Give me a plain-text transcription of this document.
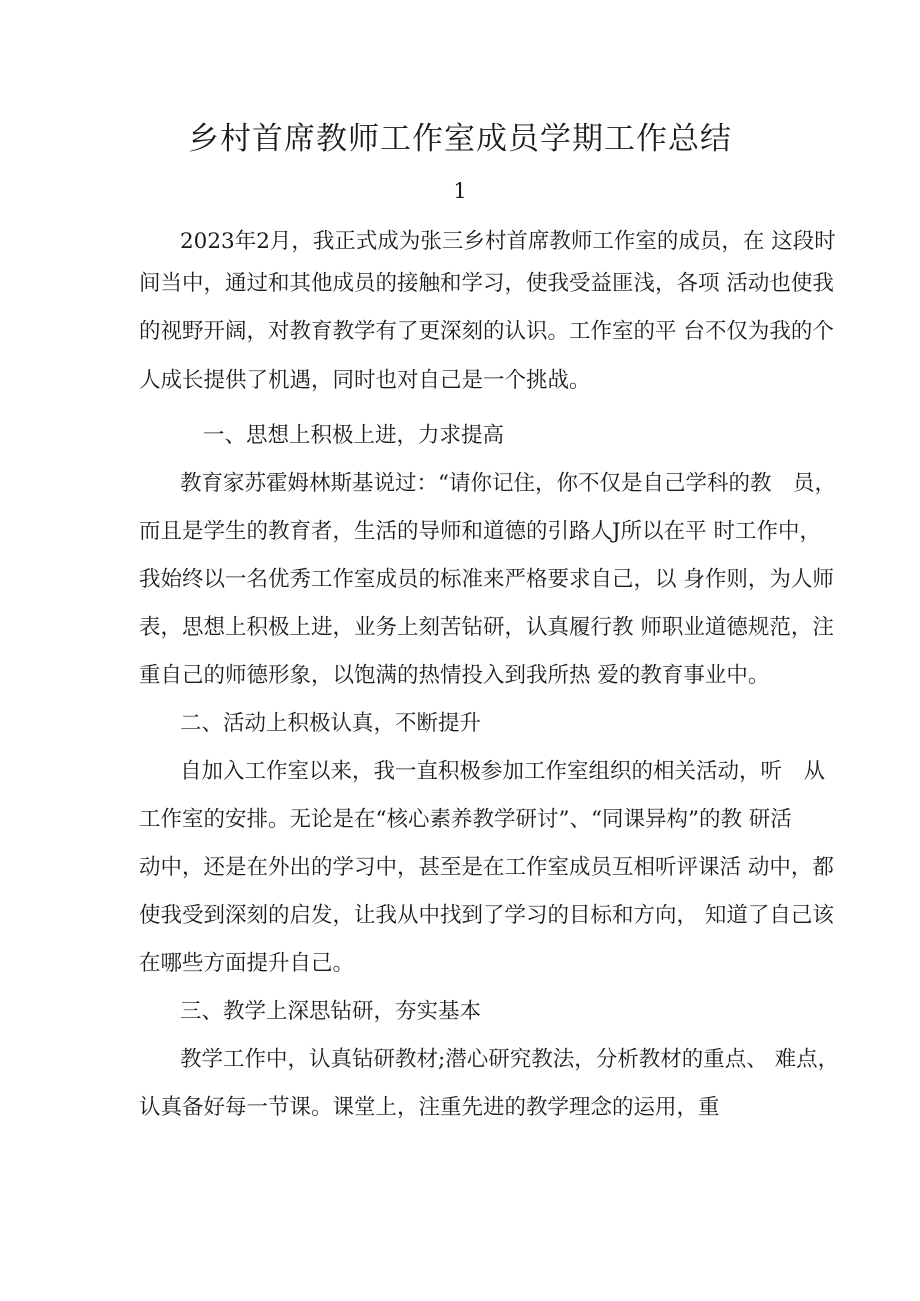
乡村首席教师工作室成员学期工作总结
1
2023年2月，我正式成为张三乡村首席教师工作室的成员，在 这段时
间当中，通过和其他成员的接触和学习，使我受益匪浅，各项 活动也使我
的视野开阔，对教育教学有了更深刻的认识。工作室的平 台不仅为我的个
人成长提供了机遇，同时也对自己是一个挑战。
一、思想上积极上进，力求提高
教育家苏霍姆林斯基说过：“请你记住，你不仅是自己学科的教　员，
而且是学生的教育者，生活的导师和道德的引路人J所以在平 时工作中，
我始终以一名优秀工作室成员的标准来严格要求自己，以 身作则，为人师
表，思想上积极上进，业务上刻苦钻研，认真履行教 师职业道德规范，注
重自己的师德形象，以饱满的热情投入到我所热 爱的教育事业中。
二、活动上积极认真，不断提升
自加入工作室以来，我一直积极参加工作室组织的相关活动，听　从
工作室的安排。无论是在“核心素养教学研讨”、“同课异构”的教 研活
动中，还是在外出的学习中，甚至是在工作室成员互相听评课活 动中，都
使我受到深刻的启发，让我从中找到了学习的目标和方向， 知道了自己该
在哪些方面提升自己。
三、教学上深思钻研，夯实基本
教学工作中，认真钻研教材;潜心研究教法，分析教材的重点、 难点，
认真备好每一节课。课堂上，注重先进的教学理念的运用，重
